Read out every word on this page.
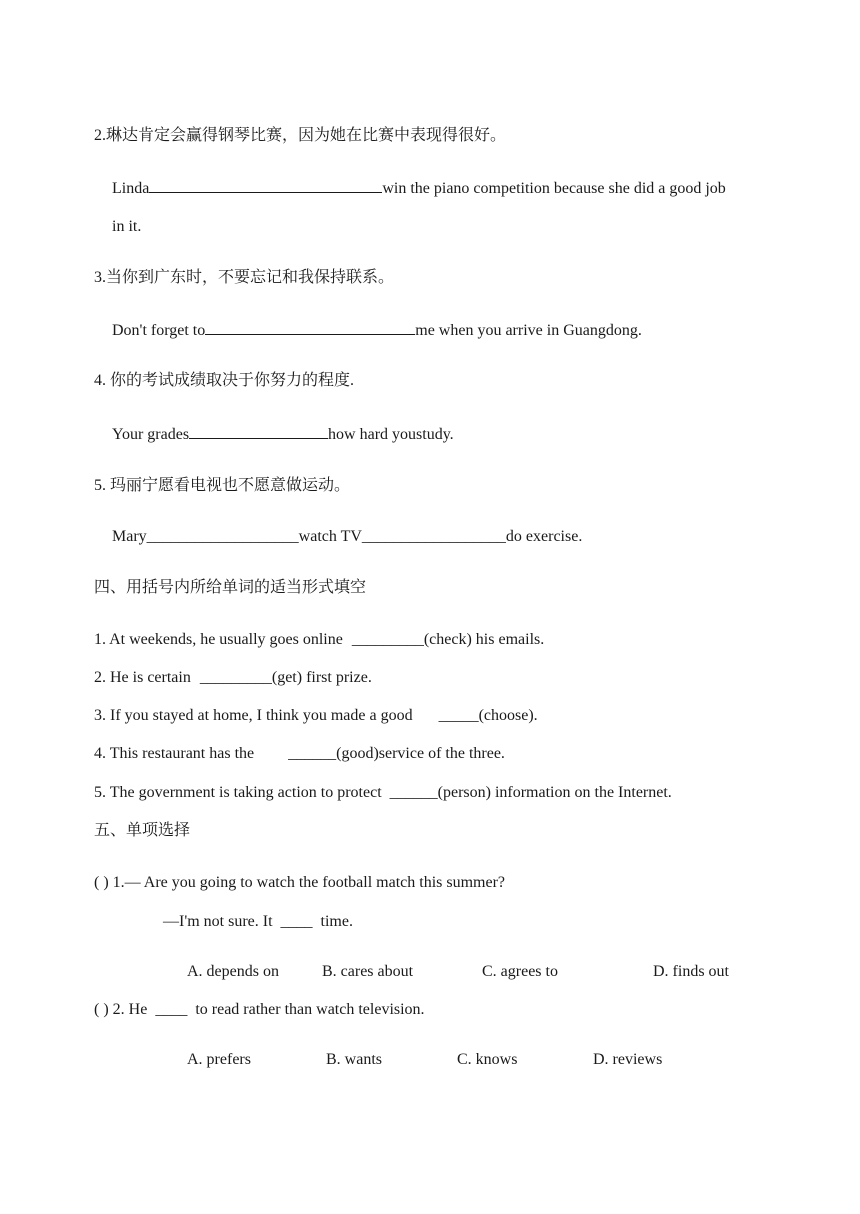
2.琳达肯定会赢得钢琴比赛，因为她在比赛中表现得很好。
Linda	win the piano competition because she did a good job
in it.
3.当你到广东时，不要忘记和我保持联系。
Don't forget to	me when you arrive in Guangdong.
4. 你的考试成绩取决于你努力的程度.
Your grades	how hard youstudy.
5. 玛丽宁愿看电视也不愿意做运动。
Mary___________________watch TV__________________do exercise.
四、用括号内所给单词的适当形式填空
1. At weekends, he usually goes online _________(check) his emails.
2. He is certain _________(get) first prize.
3. If you stayed at home, I think you made a good _____(choose).
4. This restaurant has the ______(good)service of the three.
5. The government is taking action to protect ______(person) information on the Internet.
五、单项选择
( ) 1.— Are you going to watch the football match this summer?
—I'm not sure. It ____ time.
A. depends on	B. cares about	C. agrees to	D. finds out
( ) 2. He ____ to read rather than watch television.
A. prefers	B. wants	C. knows	D. reviews
